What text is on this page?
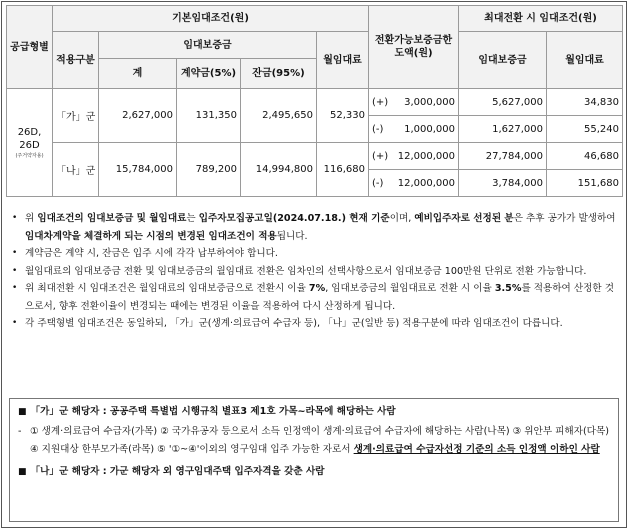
공급형별	기본임대조건(원)					전환가능보증금한도액(원)		최대전환 시 임대조건(원)	
	적용구분	임대보증금			월임대료			임대보증금	월임대료
		계	계약금(5%)	잔금(95%)					
26D,
26D
(주거약자용)	「가」군	2,627,000	131,350	2,495,650	52,330	(+)	3,000,000	5,627,000	34,830
						(-)	1,000,000	1,627,000	55,240
	「나」군	15,784,000	789,200	14,994,800	116,680	(+)	12,000,000	27,784,000	46,680
						(-)	12,000,000	3,784,000	151,680
• 위 임대조건의 임대보증금 및 월임대료는 입주자모집공고일(2024.07.18.) 현재 기준이며, 예비입주자로 선정된 분은 추후 공가가 발생하여 임대차계약을 체결하게 되는 시점의 변경된 임대조건이 적용됩니다.
• 계약금은 계약 시, 잔금은 입주 시에 각각 납부하여야 합니다.
• 월임대료의 임대보증금 전환 및 임대보증금의 월임대료 전환은 임차인의 선택사항으로서 임대보증금 100만원 단위로 전환 가능합니다.
• 위 최대전환 시 임대조건은 월임대료의 임대보증금으로 전환시 이율 7%, 임대보증금의 월임대료로 전환 시 이율 3.5%를 적용하여 산정한 것으로서, 향후 전환이율이 변경되는 때에는 변경된 이율을 적용하여 다시 산정하게 됩니다.
• 각 주택형별 임대조건은 동일하되, 「가」군(생계·의료급여 수급자 등), 「나」군(일반 등) 적용구분에 따라 임대조건이 다릅니다.
■ 「가」군 해당자 : 공공주택 특별법 시행규칙 별표3 제1호 가목~라목에 해당하는 사람
- ① 생계·의료급여 수급자(가목) ② 국가유공자 등으로서 소득 인정액이 생계·의료급여 수급자에 해당하는 사람(나목) ③ 위안부 피해자(다목) ④ 지원대상 한부모가족(라목) ⑤ '①~④'이외의 영구임대 입주 가능한 자로서 생계·의료급여 수급자선정 기준의 소득 인정액 이하인 사람
■ 「나」군 해당자 : 가군 해당자 외 영구임대주택 입주자격을 갖춘 사람
